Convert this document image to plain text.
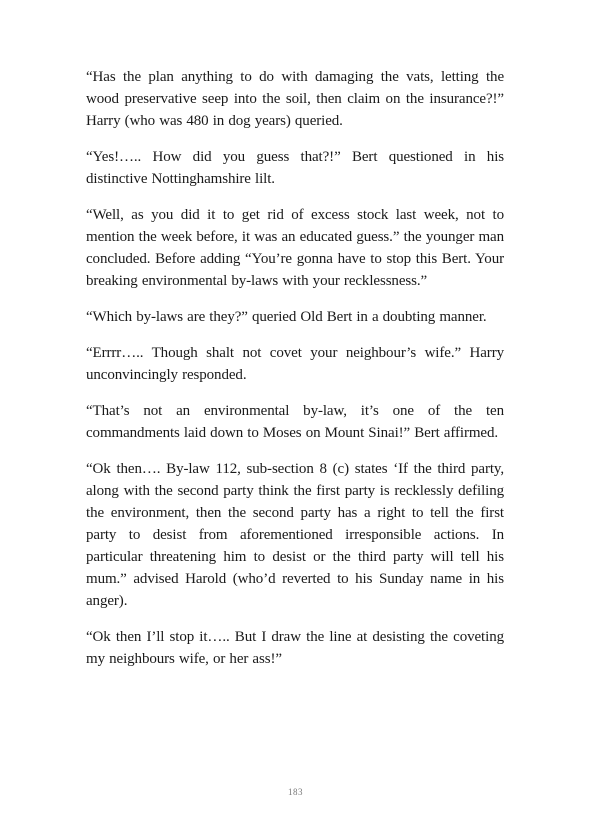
“Has the plan anything to do with damaging the vats, letting the wood preservative seep into the soil, then claim on the insurance?!” Harry (who was 480 in dog years) queried.

“Yes!….. How did you guess that?!” Bert questioned in his distinctive Nottinghamshire lilt.

“Well, as you did it to get rid of excess stock last week, not to mention the week before, it was an educated guess.” the younger man concluded. Before adding “You’re gonna have to stop this Bert. Your breaking environmental by-laws with your recklessness.”

“Which by-laws are they?” queried Old Bert in a doubting manner.

“Errrr….. Though shalt not covet your neighbour’s wife.” Harry unconvincingly responded.

“That’s not an environmental by-law, it’s one of the ten commandments laid down to Moses on Mount Sinai!” Bert affirmed.

“Ok then…. By-law 112, sub-section 8 (c) states ‘If the third party, along with the second party think the first party is recklessly defiling the environment, then the second party has a right to tell the first party to desist from aforementioned irresponsible actions. In particular threatening him to desist or the third party will tell his mum.” advised Harold (who’d reverted to his Sunday name in his anger).

“Ok then I’ll stop it….. But I draw the line at desisting the coveting my neighbours wife, or her ass!”

183
